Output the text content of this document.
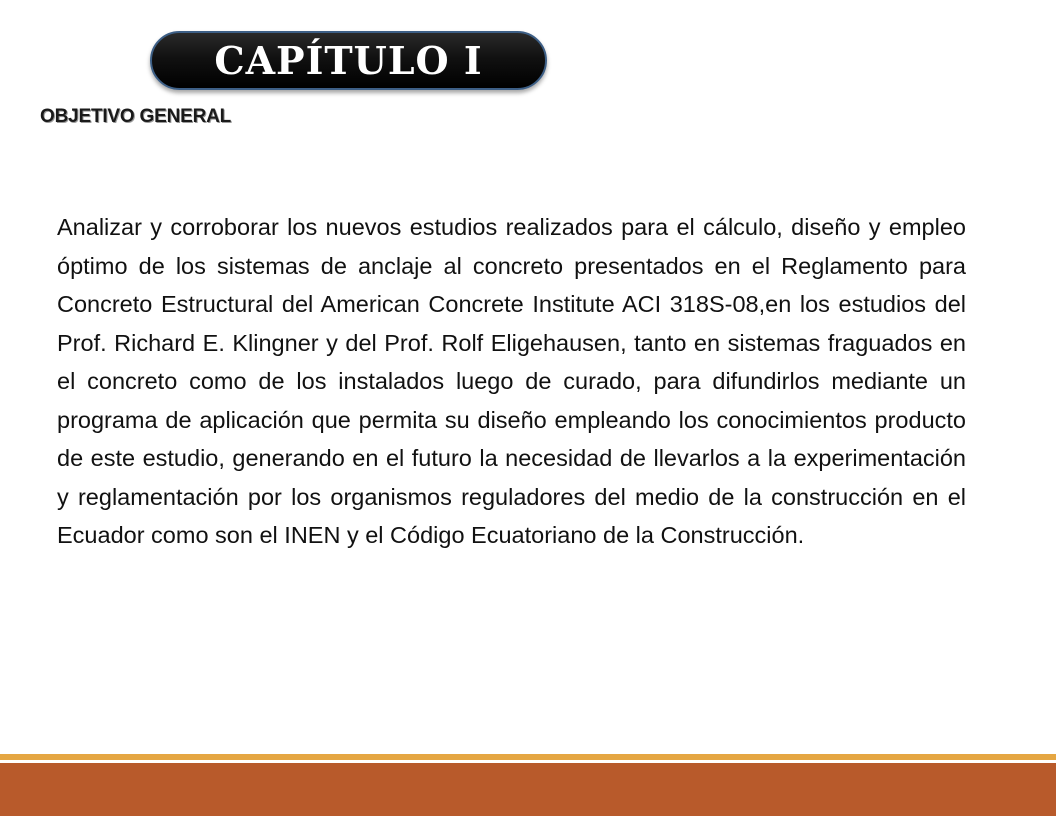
CAPÍTULO I
OBJETIVO GENERAL

Analizar y corroborar los nuevos estudios realizados para el cálculo, diseño y empleo óptimo de los sistemas de anclaje al concreto presentados en el Reglamento para Concreto Estructural del American Concrete Institute ACI 318S-08,en los estudios del Prof. Richard E. Klingner y del Prof. Rolf Eligehausen, tanto en sistemas fraguados en el concreto como de los instalados luego de curado, para difundirlos mediante un programa de aplicación que permita su diseño empleando los conocimientos producto de este estudio, generando en el futuro la necesidad de llevarlos a la experimentación y reglamentación por los organismos reguladores del medio de la construcción en el Ecuador como son el INEN y el Código Ecuatoriano de la Construcción.
